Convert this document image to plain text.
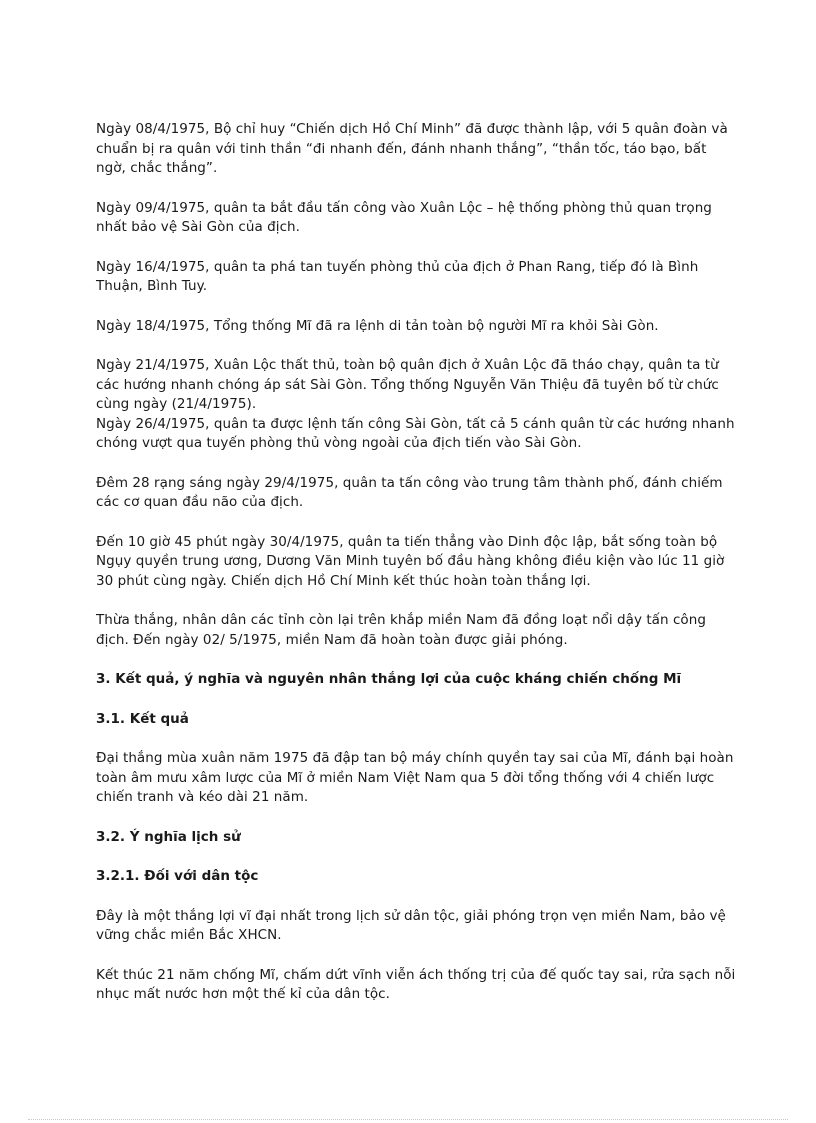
Ngày 08/4/1975, Bộ chỉ huy “Chiến dịch Hồ Chí Minh” đã được thành lập, với 5 quân đoàn và chuẩn bị ra quân với tinh thần “đi nhanh đến, đánh nhanh thắng”, “thần tốc, táo bạo, bất ngờ, chắc thắng”.

Ngày 09/4/1975, quân ta bắt đầu tấn công vào Xuân Lộc – hệ thống phòng thủ quan trọng nhất bảo vệ Sài Gòn của địch.

Ngày 16/4/1975, quân ta phá tan tuyến phòng thủ của địch ở Phan Rang, tiếp đó là Bình Thuận, Bình Tuy.

Ngày 18/4/1975, Tổng thống Mĩ đã ra lệnh di tản toàn bộ người Mĩ ra khỏi Sài Gòn.

Ngày 21/4/1975, Xuân Lộc thất thủ, toàn bộ quân địch ở Xuân Lộc đã tháo chạy, quân ta từ các hướng nhanh chóng áp sát Sài Gòn. Tổng thống Nguyễn Văn Thiệu đã tuyên bố từ chức cùng ngày (21/4/1975).

Ngày 26/4/1975, quân ta được lệnh tấn công Sài Gòn, tất cả 5 cánh quân từ các hướng nhanh chóng vượt qua tuyến phòng thủ vòng ngoài của địch tiến vào Sài Gòn.

Đêm 28 rạng sáng ngày 29/4/1975, quân ta tấn công vào trung tâm thành phố, đánh chiếm các cơ quan đầu não của địch.

Đến 10 giờ 45 phút ngày 30/4/1975, quân ta tiến thẳng vào Dinh độc lập, bắt sống toàn bộ Ngụy quyền trung ương, Dương Văn Minh tuyên bố đầu hàng không điều kiện vào lúc 11 giờ 30 phút cùng ngày. Chiến dịch Hồ Chí Minh kết thúc hoàn toàn thắng lợi.

Thừa thắng, nhân dân các tỉnh còn lại trên khắp miền Nam đã đồng loạt nổi dậy tấn công địch. Đến ngày 02/ 5/1975, miền Nam đã hoàn toàn được giải phóng.

3. Kết quả, ý nghĩa và nguyên nhân thắng lợi của cuộc kháng chiến chống Mĩ
3.1. Kết quả

Đại thắng mùa xuân năm 1975 đã đập tan bộ máy chính quyền tay sai của Mĩ, đánh bại hoàn toàn âm mưu xâm lược của Mĩ ở miền Nam Việt Nam qua 5 đời tổng thống với 4 chiến lược chiến tranh và kéo dài 21 năm.

3.2. Ý nghĩa lịch sử
3.2.1. Đối với dân tộc

Đây là một thắng lợi vĩ đại nhất trong lịch sử dân tộc, giải phóng trọn vẹn miền Nam, bảo vệ vững chắc miền Bắc XHCN.

Kết thúc 21 năm chống Mĩ, chấm dứt vĩnh viễn ách thống trị của đế quốc tay sai, rửa sạch nỗi nhục mất nước hơn một thế kỉ của dân tộc.
